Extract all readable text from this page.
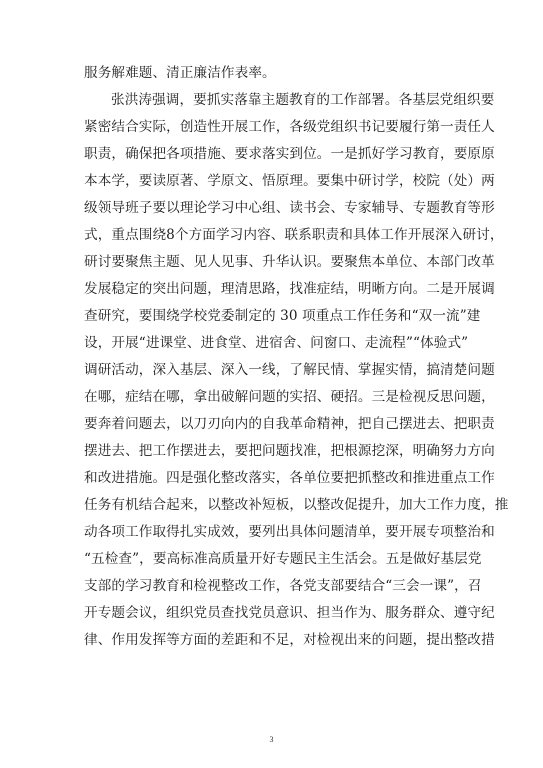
服务解难题、清正廉洁作表率。
张洪涛强调，要抓实落靠主题教育的工作部署。各基层党组织要
紧密结合实际，创造性开展工作，各级党组织书记要履行第一责任人
职责，确保把各项措施、要求落实到位。一是抓好学习教育，要原原
本本学，要读原著、学原文、悟原理。要集中研讨学，校院（处）两
级领导班子要以理论学习中心组、读书会、专家辅导、专题教育等形
式，重点围绕8个方面学习内容、联系职责和具体工作开展深入研讨，
研讨要聚焦主题、见人见事、升华认识。要聚焦本单位、本部门改革
发展稳定的突出问题，理清思路，找准症结，明晰方向。二是开展调
查研究，要围绕学校党委制定的 30 项重点工作任务和“双一流”建
设，开展“进课堂、进食堂、进宿舍、问窗口、走流程”“体验式”
调研活动，深入基层、深入一线，了解民情、掌握实情，搞清楚问题
在哪，症结在哪，拿出破解问题的实招、硬招。三是检视反思问题，
要奔着问题去，以刀刃向内的自我革命精神，把自己摆进去、把职责
摆进去、把工作摆进去，要把问题找准，把根源挖深，明确努力方向
和改进措施。四是强化整改落实，各单位要把抓整改和推进重点工作
任务有机结合起来，以整改补短板，以整改促提升，加大工作力度，推
动各项工作取得扎实成效，要列出具体问题清单，要开展专项整治和
“五检查”，要高标准高质量开好专题民主生活会。五是做好基层党
支部的学习教育和检视整改工作，各党支部要结合“三会一课”，召
开专题会议，组织党员查找党员意识、担当作为、服务群众、遵守纪
律、作用发挥等方面的差距和不足，对检视出来的问题，提出整改措
3
